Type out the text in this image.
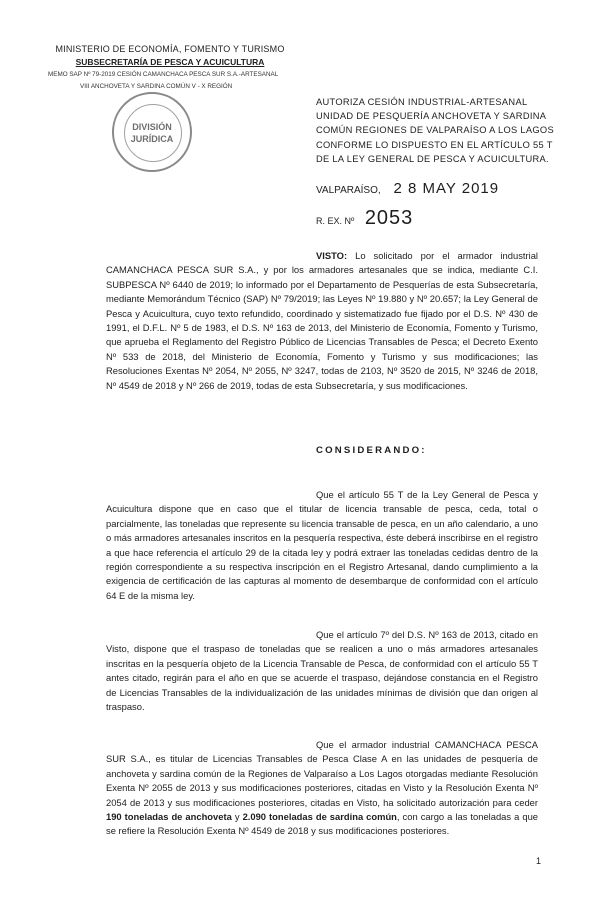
MINISTERIO DE ECONOMÍA, FOMENTO Y TURISMO
SUBSECRETARÍA DE PESCA Y ACUICULTURA
MEMO SAP Nº 79-2019 CESIÓN CAMANCHACA PESCA SUR S.A.-ARTESANAL
VIII ANCHOVETA Y SARDINA COMÚN V - X REGIÓN
DIVISIÓN
JURÍDICA
AUTORIZA CESIÓN INDUSTRIAL-ARTESANAL UNIDAD DE PESQUERÍA ANCHOVETA Y SARDINA COMÚN REGIONES DE VALPARAÍSO A LOS LAGOS CONFORME LO DISPUESTO EN EL ARTÍCULO 55 T DE LA LEY GENERAL DE PESCA Y ACUICULTURA.
VALPARAÍSO, 2 8 MAY 2019
R. EX. Nº 2053
VISTO: Lo solicitado por el armador industrial CAMANCHACA PESCA SUR S.A., y por los armadores artesanales que se indica, mediante C.I. SUBPESCA Nº 6440 de 2019; lo informado por el Departamento de Pesquerías de esta Subsecretaría, mediante Memorándum Técnico (SAP) Nº 79/2019; las Leyes Nº 19.880 y Nº 20.657; la Ley General de Pesca y Acuicultura, cuyo texto refundido, coordinado y sistematizado fue fijado por el D.S. Nº 430 de 1991, el D.F.L. Nº 5 de 1983, el D.S. Nº 163 de 2013, del Ministerio de Economía, Fomento y Turismo, que aprueba el Reglamento del Registro Público de Licencias Transables de Pesca; el Decreto Exento Nº 533 de 2018, del Ministerio de Economía, Fomento y Turismo y sus modificaciones; las Resoluciones Exentas Nº 2054, Nº 2055, Nº 3247, todas de 2103, Nº 3520 de 2015, Nº 3246 de 2018, Nº 4549 de 2018 y Nº 266 de 2019, todas de esta Subsecretaría, y sus modificaciones.
CONSIDERANDO:
Que el artículo 55 T de la Ley General de Pesca y Acuicultura dispone que en caso que el titular de licencia transable de pesca, ceda, total o parcialmente, las toneladas que represente su licencia transable de pesca, en un año calendario, a uno o más armadores artesanales inscritos en la pesquería respectiva, éste deberá inscribirse en el registro a que hace referencia el artículo 29 de la citada ley y podrá extraer las toneladas cedidas dentro de la región correspondiente a su respectiva inscripción en el Registro Artesanal, dando cumplimiento a la exigencia de certificación de las capturas al momento de desembarque de conformidad con el artículo 64 E de la misma ley.
Que el artículo 7º del D.S. Nº 163 de 2013, citado en Visto, dispone que el traspaso de toneladas que se realicen a uno o más armadores artesanales inscritas en la pesquería objeto de la Licencia Transable de Pesca, de conformidad con el artículo 55 T antes citado, regirán para el año en que se acuerde el traspaso, dejándose constancia en el Registro de Licencias Transables de la individualización de las unidades mínimas de división que dan origen al traspaso.
Que el armador industrial CAMANCHACA PESCA SUR S.A., es titular de Licencias Transables de Pesca Clase A en las unidades de pesquería de anchoveta y sardina común de la Regiones de Valparaíso a Los Lagos otorgadas mediante Resolución Exenta Nº 2055 de 2013 y sus modificaciones posteriores, citadas en Visto y la Resolución Exenta Nº 2054 de 2013 y sus modificaciones posteriores, citadas en Visto, ha solicitado autorización para ceder 190 toneladas de anchoveta y 2.090 toneladas de sardina común, con cargo a las toneladas a que se refiere la Resolución Exenta Nº 4549 de 2018 y sus modificaciones posteriores.
1
